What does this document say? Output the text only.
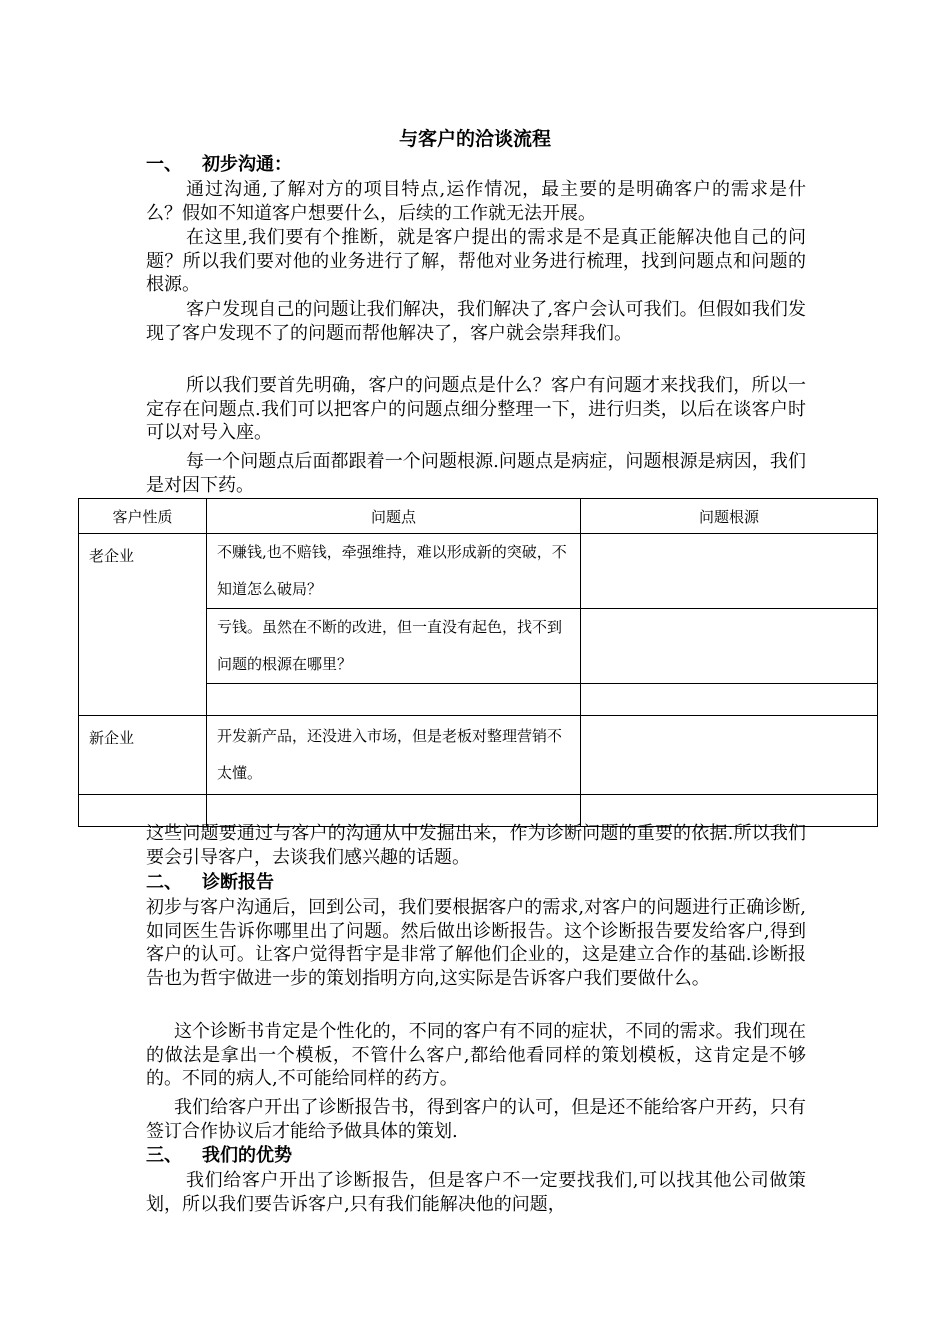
与客户的洽谈流程
一、 初步沟通：

通过沟通,了解对方的项目特点,运作情况，最主要的是明确客户的需求是什么？假如不知道客户想要什么，后续的工作就无法开展。

在这里,我们要有个推断，就是客户提出的需求是不是真正能解决他自己的问题？所以我们要对他的业务进行了解，帮他对业务进行梳理，找到问题点和问题的根源。

客户发现自己的问题让我们解决，我们解决了,客户会认可我们。但假如我们发现了客户发现不了的问题而帮他解决了，客户就会崇拜我们。

所以我们要首先明确，客户的问题点是什么？客户有问题才来找我们，所以一定存在问题点.我们可以把客户的问题点细分整理一下，进行归类，以后在谈客户时可以对号入座。

每一个问题点后面都跟着一个问题根源.问题点是病症，问题根源是病因，我们是对因下药。

客户性质	问题点	问题根源
老企业	不赚钱,也不赔钱，牵强维持，难以形成新的突破，不知道怎么破局？	
	亏钱。虽然在不断的改进，但一直没有起色，找不到问题的根源在哪里？	

新企业	开发新产品，还没进入市场，但是老板对整理营销不太懂。	

这些问题要通过与客户的沟通从中发掘出来，作为诊断问题的重要的依据.所以我们要会引导客户，去谈我们感兴趣的话题。

二、 诊断报告

初步与客户沟通后，回到公司，我们要根据客户的需求,对客户的问题进行正确诊断,如同医生告诉你哪里出了问题。然后做出诊断报告。这个诊断报告要发给客户,得到客户的认可。让客户觉得哲宇是非常了解他们企业的，这是建立合作的基础.诊断报告也为哲宇做进一步的策划指明方向,这实际是告诉客户我们要做什么。

这个诊断书肯定是个性化的，不同的客户有不同的症状，不同的需求。我们现在的做法是拿出一个模板，不管什么客户,都给他看同样的策划模板，这肯定是不够的。不同的病人,不可能给同样的药方。

我们给客户开出了诊断报告书，得到客户的认可，但是还不能给客户开药，只有签订合作协议后才能给予做具体的策划.

三、 我们的优势

我们给客户开出了诊断报告，但是客户不一定要找我们,可以找其他公司做策划，所以我们要告诉客户,只有我们能解决他的问题，
